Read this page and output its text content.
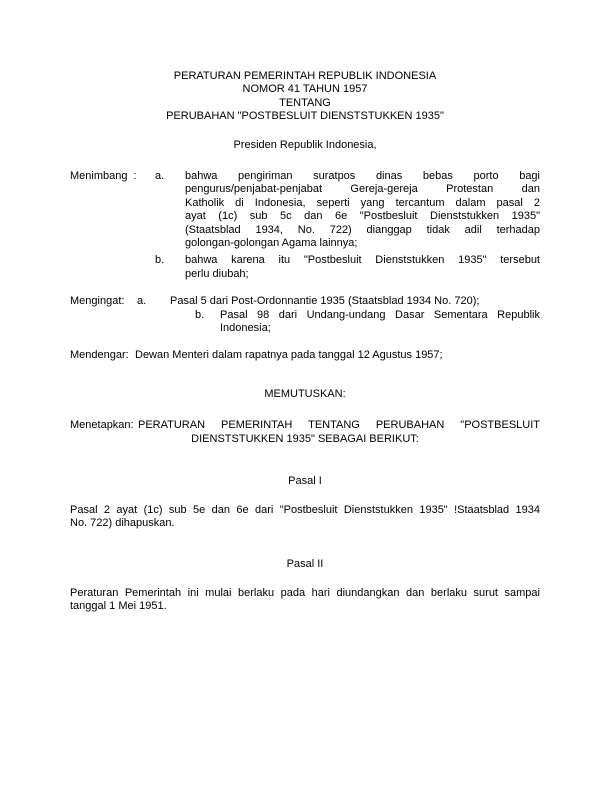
PERATURAN PEMERINTAH REPUBLIK INDONESIA
NOMOR 41 TAHUN 1957
TENTANG
PERUBAHAN "POSTBESLUIT DIENSTSTUKKEN 1935"
Presiden Republik Indonesia,
Menimbang : a.	bahwa pengiriman suratpos dinas bebas porto bagi
pengurus/penjabat-penjabat Gereja-gereja Protestan dan
Katholik di Indonesia, seperti yang tercantum dalam pasal 2
ayat (1c) sub 5c dan 6e "Postbesluit Dienststukken 1935"
(Staatsblad 1934, No. 722) dianggap tidak adil terhadap
golongan-golongan Agama lainnya;
b.	bahwa karena itu "Postbesluit Dienststukken 1935" tersebut
perlu diubah;
Mengingat:	a.	Pasal 5 dari Post-Ordonnantie 1935 (Staatsblad 1934 No. 720);
b.	Pasal 98 dari Undang-undang Dasar Sementara Republik
Indonesia;
Mendengar: Dewan Menteri dalam rapatnya pada tanggal 12 Agustus 1957;
MEMUTUSKAN:
Menetapkan: PERATURAN PEMERINTAH TENTANG PERUBAHAN "POSTBESLUIT
DIENSTSTUKKEN 1935" SEBAGAI BERIKUT:
Pasal I
Pasal 2 ayat (1c) sub 5e dan 6e dari "Postbesluit Dienststukken 1935" !Staatsblad 1934
No. 722) dihapuskan.
Pasal II
Peraturan Pemerintah ini mulai berlaku pada hari diundangkan dan berlaku surut sampai
tanggal 1 Mei 1951.
